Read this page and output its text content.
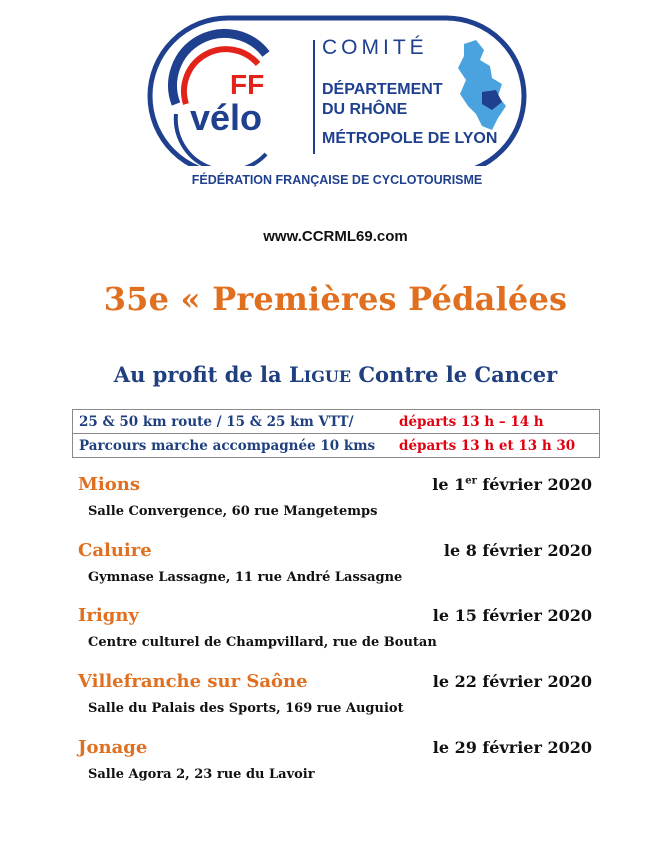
FF
vélo
COMITÉ
DÉPARTEMENT
DU RHÔNE
MÉTROPOLE DE LYON
FÉDÉRATION FRANÇAISE DE CYCLOTOURISME
www.CCRML69.com
35e « Premières Pédalées
Au profit de la LIGUE Contre le Cancer
25 & 50 km route / 15 & 25 km VTT/	départs 13 h – 14 h
Parcours marche accompagnée 10 kms	départs 13 h et 13 h 30
Mions	le 1er février 2020
Salle Convergence, 60 rue Mangetemps
Caluire	le 8 février 2020
Gymnase Lassagne, 11 rue André Lassagne
Irigny	le 15 février 2020
Centre culturel de Champvillard, rue de Boutan
Villefranche sur Saône	le 22 février 2020
Salle du Palais des Sports, 169 rue Auguiot
Jonage	le 29 février 2020
Salle Agora 2, 23 rue du Lavoir
